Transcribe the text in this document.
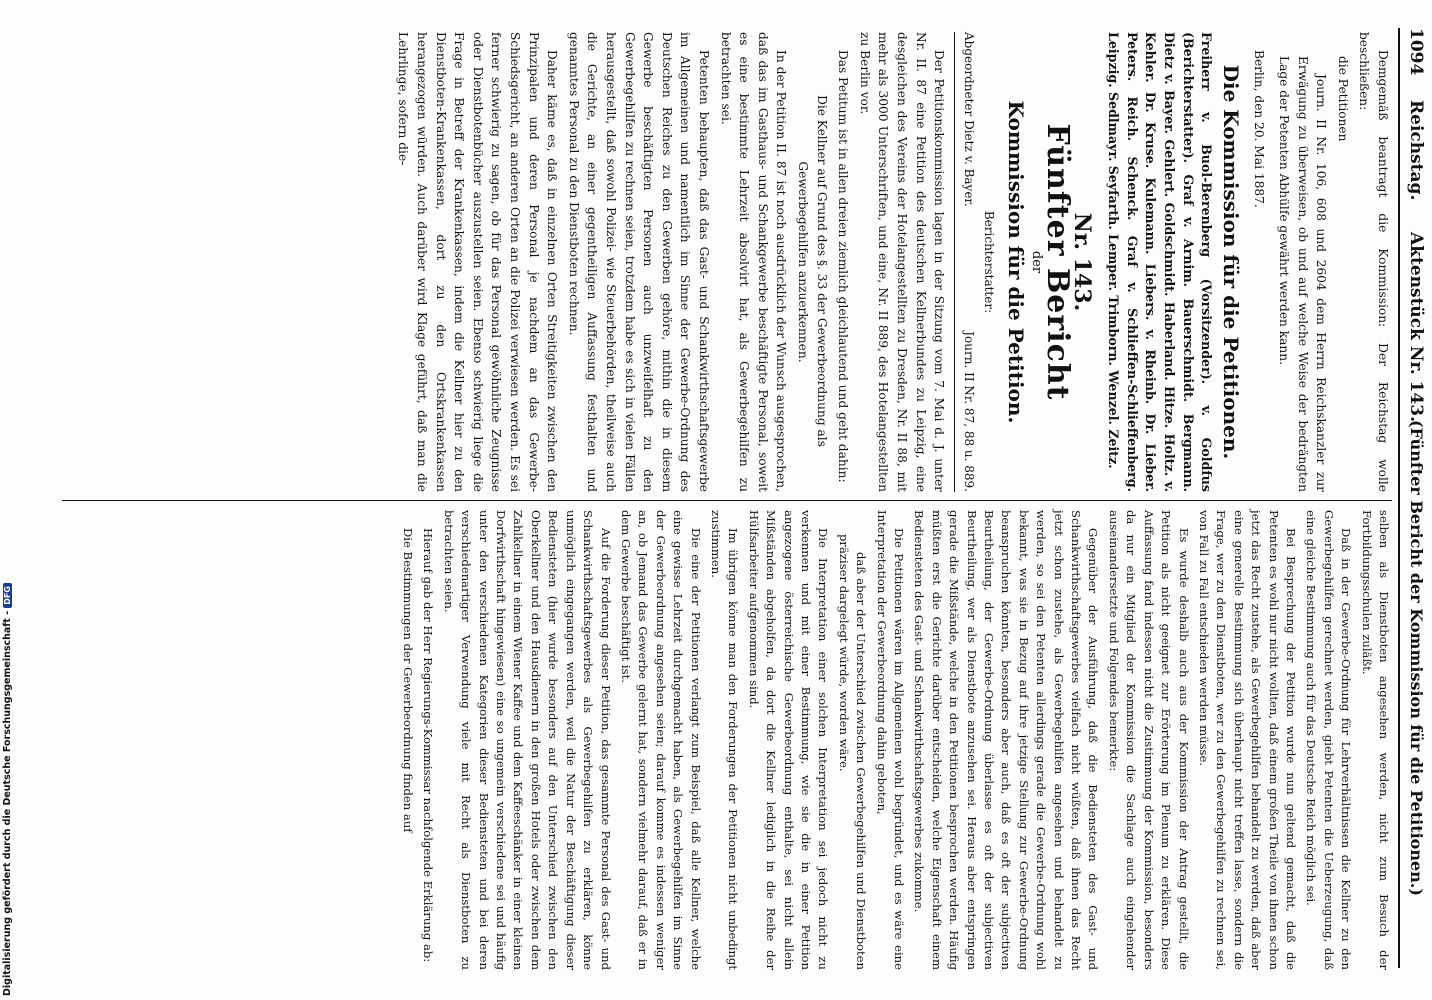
1094
Reichstag.
Aktenstück Nr. 143.
(Fünfter Bericht der Kommission für die Petitionen.)

Demgemäß beantragt die Kommission: Der Reichstag wolle beschließen:

die Petitionen

Journ. II Nr. 106, 608 und 2604 dem Herrn Reichskanzler zur Erwägung zu überweisen, ob und auf welche Weise der bedrängten Lage der Petenten Abhülfe gewährt werden kann.

Berlin, den 20. Mai 1887.

Die Kommission für die Petitionen.

Freiherr v. Buol-Berenberg (Vorsitzender). v. Goldfus (Berichterstatter). Graf v. Arnim. Bauerschmidt. Bergmann. Dietz v. Bayer. Gehlert. Goldschmidt. Haberland. Hitze. Holtz. v. Kehler. Dr. Kruse. Kulemann. Liebers. v. Rheinb. Dr. Lieber. Peters. Reich. Schenck. Graf v. Schlieffen-Schlieffenberg. Leipzig. Sedlmayr. Seyfarth. Lemper. Trimborn. Wenzel. Zeitz.

Nr. 143.
Fünfter Bericht
der
Kommission für die Petition.
Berichterstatter:
Abgeordneter Dietz v. Bayer.
Journ. II Nr. 87, 88 u. 889.

Der Petitionskommission lagen in der Sitzung vom 7. Mai d. J. unter Nr. II. 87 eine Petition des deutschen Kellnerbundes zu Leipzig, eine desgleichen des Vereins der Hotelangestellten zu Dresden, Nr. II 88, mit mehr als 3000 Unterschriften, und eine, Nr. II 889, des Hotelangestellten zu Berlin vor.

Das Petitum ist in allen dreien ziemlich gleichlautend und geht dahin:

Die Kellner auf Grund des §. 33 der Gewerbeordnung als Gewerbegehilfen anzuerkennen.

In der Petition II. 87 ist noch ausdrücklich der Wunsch ausgesprochen, daß das im Gasthaus- und Schankgewerbe beschäftigte Personal, soweit es eine bestimmte Lehrzeit absolvirt hat, als Gewerbegehilfen zu betrachten sei.

Petenten behaupten, daß das Gast- und Schankwirthschaftsgewerbe im Allgemeinen und namentlich im Sinne der Gewerbe-Ordnung des Deutschen Reiches zu den Gewerben gehöre, mithin die in diesem Gewerbe beschäftigten Personen auch unzweifelhaft zu den Gewerbegehilfen zu rechnen seien, trotzdem habe es sich in vielen Fällen herausgestellt, daß sowohl Polizei- wie Steuerbehörden, theilweise auch die Gerichte, an einer gegentheiligen Auffassung festhalten und genanntes Personal zu den Dienstboten rechnen.

Daher käme es, daß in einzelnen Orten Streitigkeiten zwischen den Prinzipalen und deren Personal je nachdem an das Gewerbe-Schiedsgericht, an anderen Orten an die Polizei verwiesen werden. Es sei ferner schwierig zu sagen, ob für das Personal gewöhnliche Zeugnisse oder Dienstbotenbücher auszustellen seien. Ebenso schwierig liege die Frage in Betreff der Krankenkassen, indem die Kellner hier zu den Dienstboten-Krankenkassen, dort zu den Ortskrankenkassen herangezogen würden. Auch darüber wird Klage geführt, daß man die Lehrlinge, sofern die-

selben als Dienstboten angesehen werden, nicht zum Besuch der Fortbildungsschulen zuläßt.

Daß in der Gewerbe-Ordnung für Lehrverhältnissen die Kellner zu den Gewerbegehilfen gerechnet werden, giebt Petenten die Ueberzeugung, daß eine gleiche Bestimmung auch für das Deutsche Reich möglich sei.

Bei Besprechung der Petition wurde nun geltend gemacht, daß die Petenten es wohl nur nicht wollten, daß einem großen Theile von ihnen schon jetzt das Recht zustehe, als Gewerbegehilfen behandelt zu werden, daß aber eine generelle Bestimmung sich überhaupt nicht treffen lasse, sondern die Frage, wer zu den Dienstboten, wer zu den Gewerbegehilfen zu rechnen sei, von Fall zu Fall entschieden werden müsse.

Es wurde deshalb auch aus der Kommission der Antrag gestellt, die Petition als nicht geeignet zur Erörterung im Plenum zu erklären. Diese Auffassung fand indessen nicht die Zustimmung der Kommission, besonders da nur ein Mitglied der Kommission die Sachlage auch eingehender auseinandersetzte und Folgendes bemerkte:

Gegenüber der Ausführung, daß die Bediensteten des Gast- und Schankwirthschaftsgewerbes vielfach nicht wüßten, daß ihnen das Recht jetzt schon zustehe, als Gewerbegehilfen angesehen und behandelt zu werden, so sei den Petenten allerdings gerade die Gewerbe-Ordnung wohl bekannt, was sie in Bezug auf ihre jetzige Stellung zur Gewerbe-Ordnung beanspruchen könnten, besonders aber auch, daß es oft der subjectiven Beurtheilung, der Gewerbe-Ordnung überlasse es oft der subjectiven Beurtheilung, wer als Dienstbote anzusehen sei. Heraus aber entspringen gerade die Mißstände, welche in den Petitionen besprochen werden. Häufig müßten erst die Gerichte darüber entscheiden, welche Eigenschaft einem Bediensteten des Gast- und Schankwirthschaftsgewerbes zukomme.

Die Petitionen wären im Allgemeinen wohl begründet, und es wäre eine Interpretation der Gewerbeordnung dahin geboten,

daß aber der Unterschied zwischen Gewerbegehilfen und Dienstboten präziser dargelegt würde, worden wäre.

Die Interpretation einer solchen Interpretation sei jedoch nicht zu verkennen und mit einer Bestimmung, wie sie die in einer Petition angezogene österreichische Gewerbeordnung enthalte, sei nicht allein Mißständen abgeholfen, da dort die Kellner lediglich in die Reihe der Hülfsarbeiter aufgenommen sind.

Im übrigen könne man den Forderungen der Petitionen nicht unbedingt zustimmen.

Die eine der Petitionen verlangt zum Beispiel, daß alle Kellner, welche eine gewisse Lehrzeit durchgemacht haben, als Gewerbegehilfen im Sinne der Gewerbeordnung angesehen seien; darauf komme es indessen weniger an, ob Jemand das Gewerbe gelernt hat, sondern vielmehr darauf, daß er in dem Gewerbe beschäftigt ist.

Auf die Forderung dieser Petition, das gesammte Personal des Gast- und Schankwirthschaftsgewerbes als Gewerbegehilfen zu erklären, könne unmöglich eingegangen werden, weil die Natur der Beschäftigung dieser Bediensteten (hier wurde besonders auf den Unterschied zwischen den Oberkellner und den Hausdienern in den großen Hotels oder zwischen dem Zahlkellner in einem Wiener Kaffee und dem Kaffeeschänker in einer kleinen Dorfwirthschaft hingewiesen) eine so ungemein verschiedene sei und häufig unter den verschiedenen Kategorien dieser Bediensteten und bei deren verschiedenartiger Verwendung viele mit Recht als Dienstboten zu betrachten seien.

Hierauf gab der Herr Regierungs-Kommissar nachfolgende Erklärung ab:

Die Bestimmungen der Gewerbeordnung finden auf

Digitalisierung gefördert durch die Deutsche Forschungsgemeinschaft -DFG
